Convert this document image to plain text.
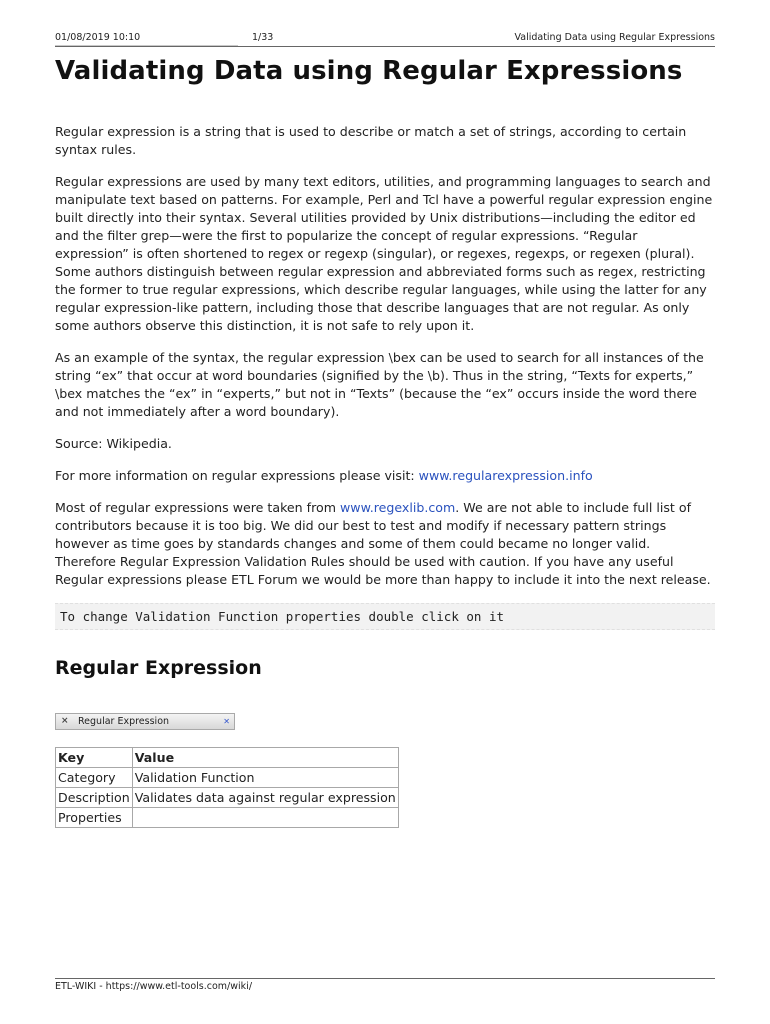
01/08/2019 10:10	1/33	Validating Data using Regular Expressions
Validating Data using Regular Expressions

Regular expression is a string that is used to describe or match a set of strings, according to certain syntax rules.

Regular expressions are used by many text editors, utilities, and programming languages to search and manipulate text based on patterns. For example, Perl and Tcl have a powerful regular expression engine built directly into their syntax. Several utilities provided by Unix distributions—including the editor ed and the filter grep—were the first to popularize the concept of regular expressions. “Regular expression” is often shortened to regex or regexp (singular), or regexes, regexps, or regexen (plural). Some authors distinguish between regular expression and abbreviated forms such as regex, restricting the former to true regular expressions, which describe regular languages, while using the latter for any regular expression-like pattern, including those that describe languages that are not regular. As only some authors observe this distinction, it is not safe to rely upon it.

As an example of the syntax, the regular expression \bex can be used to search for all instances of the string “ex” that occur at word boundaries (signified by the \b). Thus in the string, “Texts for experts,” \bex matches the “ex” in “experts,” but not in “Texts” (because the “ex” occurs inside the word there and not immediately after a word boundary).

Source: Wikipedia.

For more information on regular expressions please visit: www.regularexpression.info

Most of regular expressions were taken from www.regexlib.com. We are not able to include full list of contributors because it is too big. We did our best to test and modify if necessary pattern strings however as time goes by standards changes and some of them could became no longer valid. Therefore Regular Expression Validation Rules should be used with caution. If you have any useful Regular expressions please ETL Forum we would be more than happy to include it into the next release.

To change Validation Function properties double click on it
Regular Expression
⨯ Regular Expression	✕
Key	Value
Category	Validation Function
Description	Validates data against regular expression
Properties	
ETL-WIKI - https://www.etl-tools.com/wiki/
